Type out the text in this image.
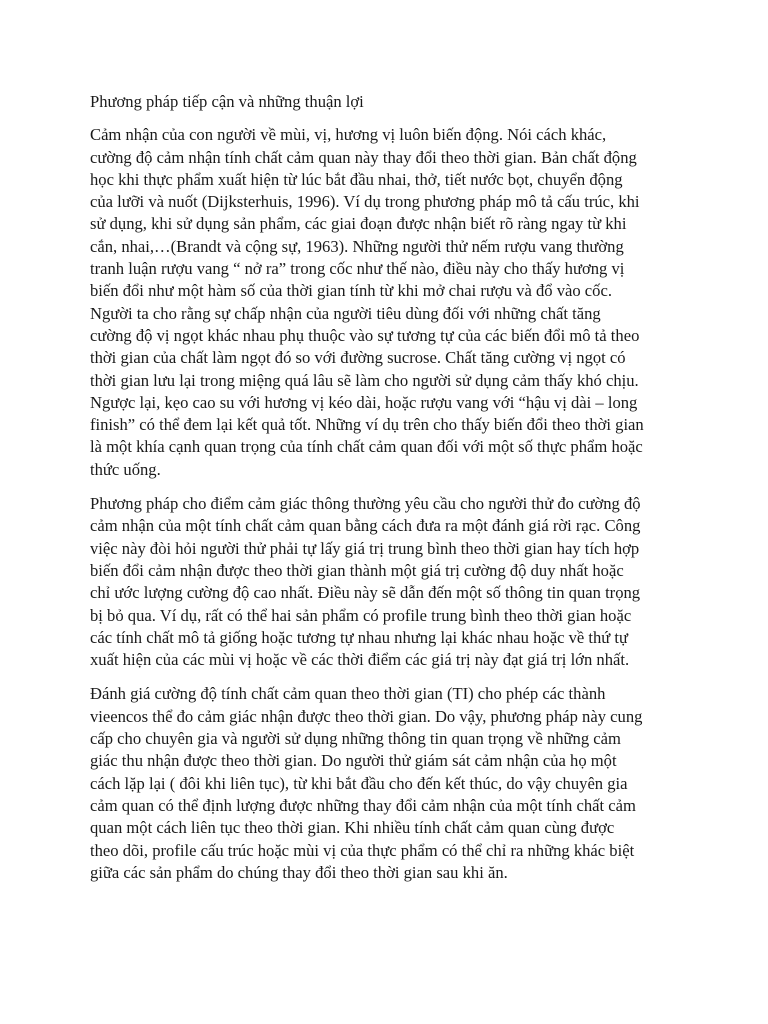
Phương pháp tiếp cận và những thuận lợi

Cảm nhận của con người về mùi, vị, hương vị luôn biến động. Nói cách khác,
cường độ cảm nhận tính chất cảm quan này thay đổi theo thời gian. Bản chất động
học khi thực phẩm xuất hiện từ lúc bắt đầu nhai, thở, tiết nước bọt, chuyển động
của lưỡi và nuốt (Dijksterhuis, 1996). Ví dụ trong phương pháp mô tả cấu trúc, khi
sử dụng, khi sử dụng sản phẩm, các giai đoạn được nhận biết rõ ràng ngay từ khi
cắn, nhai,…(Brandt và cộng sự, 1963). Những người thử nếm rượu vang thường
tranh luận rượu vang “ nở ra” trong cốc như thế nào, điều này cho thấy hương vị
biến đổi như một hàm số của thời gian tính từ khi mở chai rượu và đổ vào cốc.
Người ta cho rằng sự chấp nhận của người tiêu dùng đối với những chất tăng
cường độ vị ngọt khác nhau phụ thuộc vào sự tương tự của các biến đổi mô tả theo
thời gian của chất làm ngọt đó so với đường sucrose. Chất tăng cường vị ngọt có
thời gian lưu lại trong miệng quá lâu sẽ làm cho người sử dụng cảm thấy khó chịu.
Ngược lại, kẹo cao su với hương vị kéo dài, hoặc rượu vang với “hậu vị dài – long
finish” có thể đem lại kết quả tốt. Những ví dụ trên cho thấy biến đổi theo thời gian
là một khía cạnh quan trọng của tính chất cảm quan đối với một số thực phẩm hoặc
thức uống.
Phương pháp cho điểm cảm giác thông thường yêu cầu cho người thử đo cường độ
cảm nhận của một tính chất cảm quan bằng cách đưa ra một đánh giá rời rạc. Công
việc này đòi hỏi người thử phải tự lấy giá trị trung bình theo thời gian hay tích hợp
biến đổi cảm nhận được theo thời gian thành một giá trị cường độ duy nhất hoặc
chỉ ước lượng cường độ cao nhất. Điều này sẽ dẫn đến một số thông tin quan trọng
bị bỏ qua. Ví dụ, rất có thể hai sản phẩm có profile trung bình theo thời gian hoặc
các tính chất mô tả giống hoặc tương tự nhau nhưng lại khác nhau hoặc về thứ tự
xuất hiện của các mùi vị hoặc về các thời điểm các giá trị này đạt giá trị lớn nhất.
Đánh giá cường độ tính chất cảm quan theo thời gian (TI) cho phép các thành
vieencos thể đo cảm giác nhận được theo thời gian. Do vậy, phương pháp này cung
cấp cho chuyên gia và người sử dụng những thông tin quan trọng về những cảm
giác thu nhận được theo thời gian. Do người thử giám sát cảm nhận của họ một
cách lặp lại ( đôi khi liên tục), từ khi bắt đầu cho đến kết thúc, do vậy chuyên gia
cảm quan có thể định lượng được những thay đổi cảm nhận của một tính chất cảm
quan một cách liên tục theo thời gian. Khi nhiều tính chất cảm quan cùng được
theo dõi, profile cấu trúc hoặc mùi vị của thực phẩm có thể chỉ ra những khác biệt
giữa các sản phẩm do chúng thay đổi theo thời gian sau khi ăn.
